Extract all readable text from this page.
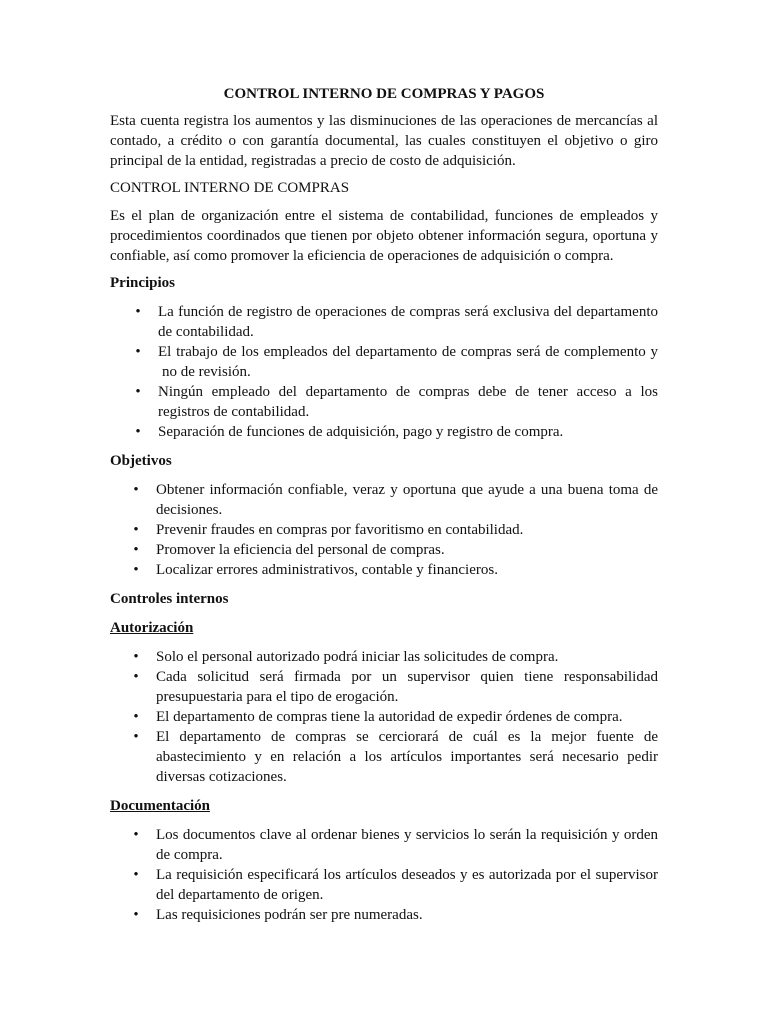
CONTROL INTERNO DE COMPRAS Y PAGOS

Esta cuenta registra los aumentos y las disminuciones de las operaciones de mercancías al contado, a crédito o con garantía documental, las cuales constituyen el objetivo o giro principal de la entidad, registradas a precio de costo de adquisición.

CONTROL INTERNO DE COMPRAS

Es el plan de organización entre el sistema de contabilidad, funciones de empleados y procedimientos coordinados que tienen por objeto obtener información segura, oportuna y confiable, así como promover la eficiencia de operaciones de adquisición o compra.

Principios
• La función de registro de operaciones de compras será exclusiva del departamento de contabilidad.
• El trabajo de los empleados del departamento de compras será de complemento y no de revisión.
• Ningún empleado del departamento de compras debe de tener acceso a los registros de contabilidad.
• Separación de funciones de adquisición, pago y registro de compra.
Objetivos
• Obtener información confiable, veraz y oportuna que ayude a una buena toma de decisiones.
• Prevenir fraudes en compras por favoritismo en contabilidad.
• Promover la eficiencia del personal de compras.
• Localizar errores administrativos, contable y financieros.
Controles internos
Autorización
• Solo el personal autorizado podrá iniciar las solicitudes de compra.
• Cada solicitud será firmada por un supervisor quien tiene responsabilidad presupuestaria para el tipo de erogación.
• El departamento de compras tiene la autoridad de expedir órdenes de compra.
• El departamento de compras se cerciorará de cuál es la mejor fuente de abastecimiento y en relación a los artículos importantes será necesario pedir diversas cotizaciones.
Documentación
• Los documentos clave al ordenar bienes y servicios lo serán la requisición y orden de compra.
• La requisición especificará los artículos deseados y es autorizada por el supervisor del departamento de origen.
• Las requisiciones podrán ser pre numeradas.
